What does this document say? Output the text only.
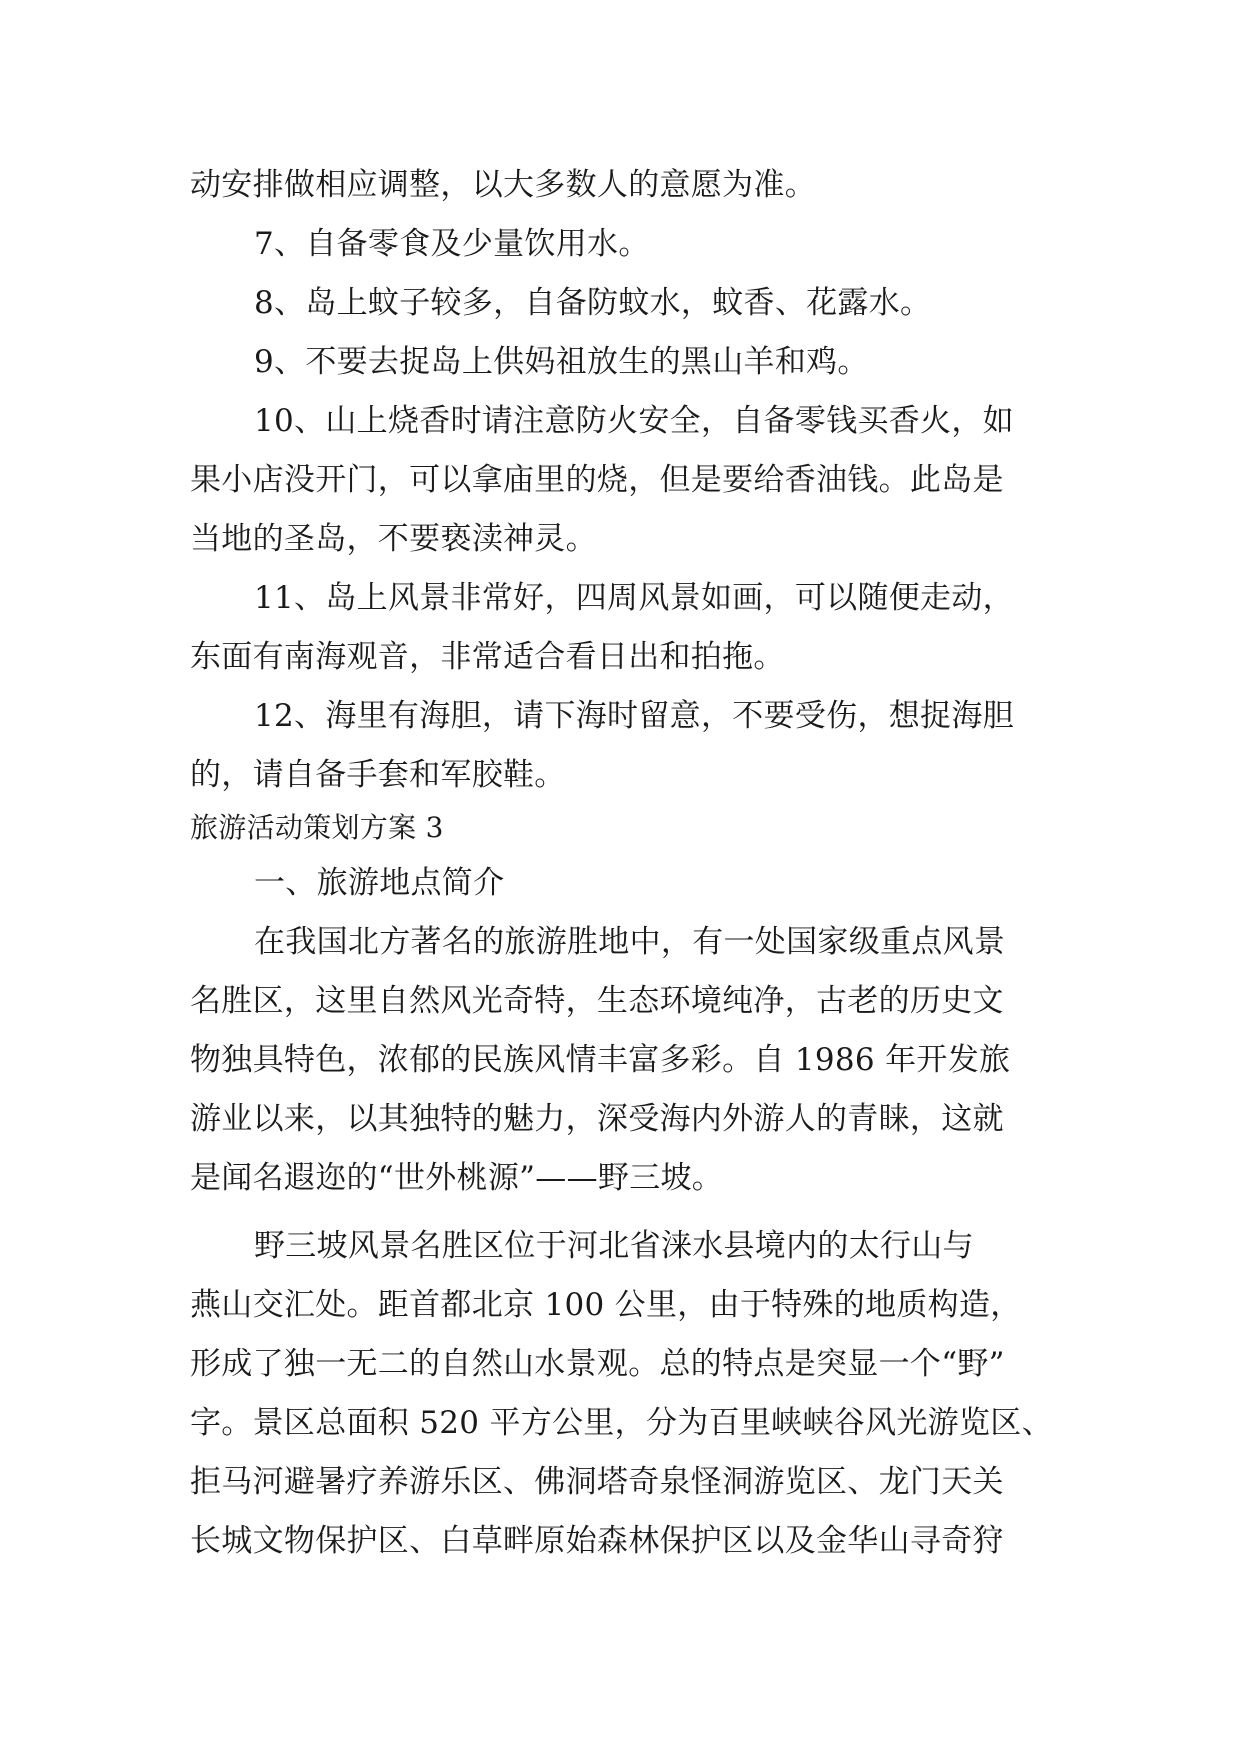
动安排做相应调整，以大多数人的意愿为准。
7、自备零食及少量饮用水。
8、岛上蚊子较多，自备防蚊水，蚊香、花露水。
9、不要去捉岛上供妈祖放生的黑山羊和鸡。
10、山上烧香时请注意防火安全，自备零钱买香火，如
果小店没开门，可以拿庙里的烧，但是要给香油钱。此岛是
当地的圣岛，不要亵渎神灵。
11、岛上风景非常好，四周风景如画，可以随便走动，
东面有南海观音，非常适合看日出和拍拖。
12、海里有海胆，请下海时留意，不要受伤，想捉海胆
的，请自备手套和军胶鞋。
旅游活动策划方案 3
一、旅游地点简介
在我国北方著名的旅游胜地中，有一处国家级重点风景
名胜区，这里自然风光奇特，生态环境纯净，古老的历史文
物独具特色，浓郁的民族风情丰富多彩。自 1986 年开发旅
游业以来，以其独特的魅力，深受海内外游人的青睐，这就
是闻名遐迩的“世外桃源”——野三坡。
野三坡风景名胜区位于河北省涞水县境内的太行山与
燕山交汇处。距首都北京 100 公里，由于特殊的地质构造，
形成了独一无二的自然山水景观。总的特点是突显一个“野”
字。景区总面积 520 平方公里，分为百里峡峡谷风光游览区、
拒马河避暑疗养游乐区、佛洞塔奇泉怪洞游览区、龙门天关
长城文物保护区、白草畔原始森林保护区以及金华山寻奇狩
